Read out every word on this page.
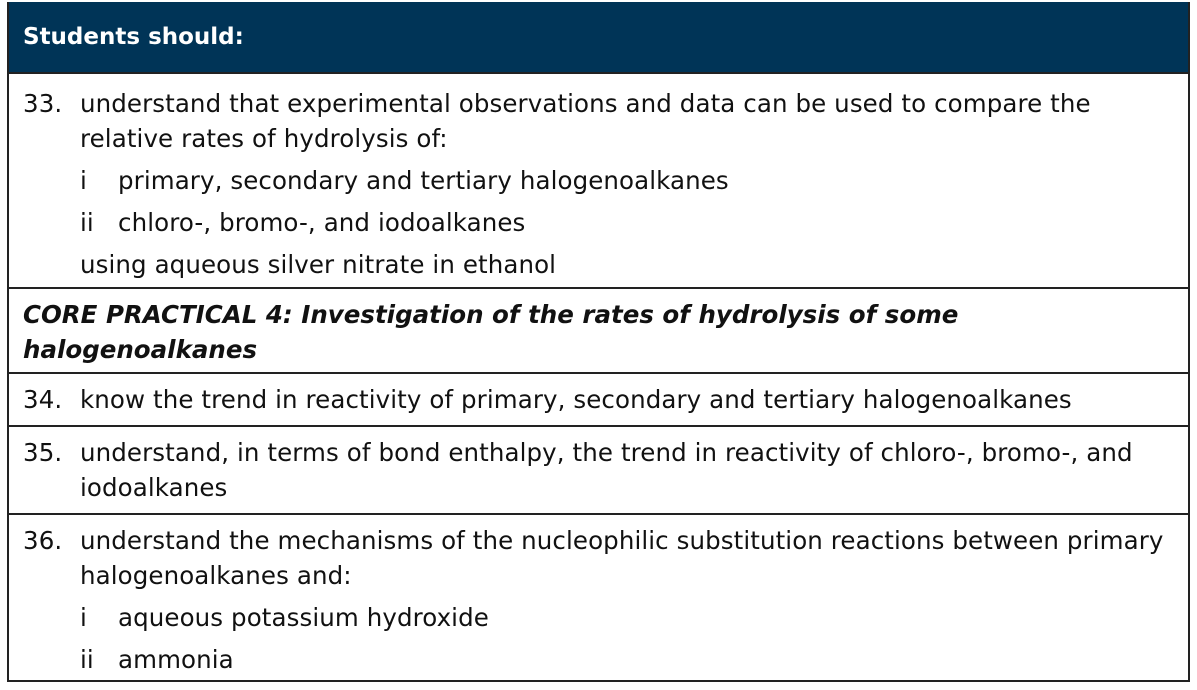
Students should:
33. understand that experimental observations and data can be used to compare the relative rates of hydrolysis of:
i	primary, secondary and tertiary halogenoalkanes
ii chloro-, bromo-, and iodoalkanes
using aqueous silver nitrate in ethanol
CORE PRACTICAL 4: Investigation of the rates of hydrolysis of some halogenoalkanes
34. know the trend in reactivity of primary, secondary and tertiary halogenoalkanes
35. understand, in terms of bond enthalpy, the trend in reactivity of chloro-, bromo-, and iodoalkanes
36. understand the mechanisms of the nucleophilic substitution reactions between primary halogenoalkanes and:
i	aqueous potassium hydroxide
ii ammonia
